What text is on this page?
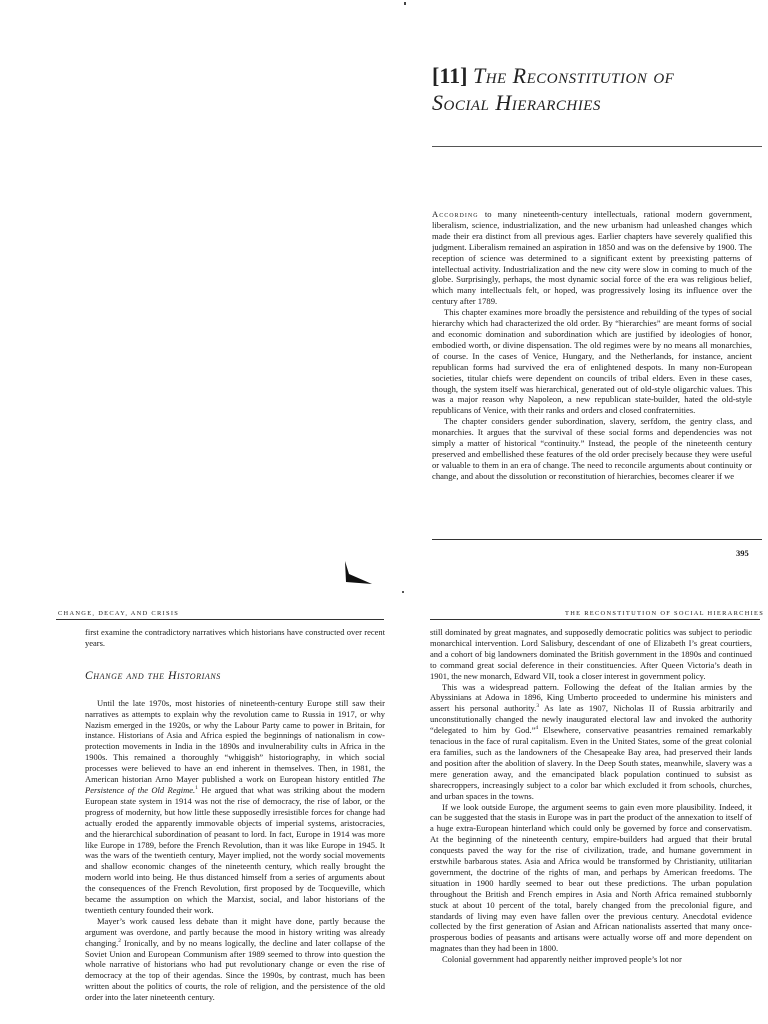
[11] The Reconstitution of
Social Hierarchies

According to many nineteenth-century intellectuals, rational modern government, liberalism, science, industrialization, and the new urbanism had unleashed changes which made their era distinct from all previous ages. Earlier chapters have severely qualified this judgment. Liberalism remained an aspiration in 1850 and was on the defensive by 1900. The reception of science was determined to a significant extent by preexisting patterns of intellectual activity. Industrialization and the new city were slow in coming to much of the globe. Surprisingly, perhaps, the most dynamic social force of the era was religious belief, which many intellectuals felt, or hoped, was progressively losing its influence over the century after 1789.

This chapter examines more broadly the persistence and rebuilding of the types of social hierarchy which had characterized the old order. By “hierarchies” are meant forms of social and economic domination and subordination which are justified by ideologies of honor, embodied worth, or divine dispensation. The old regimes were by no means all monarchies, of course. In the cases of Venice, Hungary, and the Netherlands, for instance, ancient republican forms had survived the era of enlightened despots. In many non-European societies, titular chiefs were dependent on councils of tribal elders. Even in these cases, though, the system itself was hierarchical, generated out of old-style oligarchic values. This was a major reason why Napoleon, a new republican state-builder, hated the old-style republicans of Venice, with their ranks and orders and closed confraternities.

The chapter considers gender subordination, slavery, serfdom, the gentry class, and monarchies. It argues that the survival of these social forms and dependencies was not simply a matter of historical “continuity.” Instead, the people of the nineteenth century preserved and embellished these features of the old order precisely because they were useful or valuable to them in an era of change. The need to reconcile arguments about continuity or change, and about the dissolution or reconstitution of hierarchies, becomes clearer if we

395
CHANGE, DECAY, AND CRISIS

first examine the contradictory narratives which historians have constructed over recent years.

Change and the Historians

Until the late 1970s, most histories of nineteenth-century Europe still saw their narratives as attempts to explain why the revolution came to Russia in 1917, or why Nazism emerged in the 1920s, or why the Labour Party came to power in Britain, for instance. Historians of Asia and Africa espied the beginnings of nationalism in cow-protection movements in India in the 1890s and invulnerability cults in Africa in the 1900s. This remained a thoroughly “whiggish” historiography, in which social processes were believed to have an end inherent in themselves. Then, in 1981, the American historian Arno Mayer published a work on European history entitled The Persistence of the Old Regime.$^1$ He argued that what was striking about the modern European state system in 1914 was not the rise of democracy, the rise of labor, or the progress of modernity, but how little these supposedly irresistible forces for change had actually eroded the apparently immovable objects of imperial systems, aristocracies, and the hierarchical subordination of peasant to lord. In fact, Europe in 1914 was more like Europe in 1789, before the French Revolution, than it was like Europe in 1945. It was the wars of the twentieth century, Mayer implied, not the wordy social movements and shallow economic changes of the nineteenth century, which really brought the modern world into being. He thus distanced himself from a series of arguments about the consequences of the French Revolution, first proposed by de Tocqueville, which became the assumption on which the Marxist, social, and labor historians of the twentieth century founded their work.

Mayer’s work caused less debate than it might have done, partly because the argument was overdone, and partly because the mood in history writing was already changing.$^2$ Ironically, and by no means logically, the decline and later collapse of the Soviet Union and European Communism after 1989 seemed to throw into question the whole narrative of historians who had put revolutionary change or even the rise of democracy at the top of their agendas. Since the 1990s, by contrast, much has been written about the politics of courts, the role of religion, and the persistence of the old order into the later nineteenth century.

THE RECONSTITUTION OF SOCIAL HIERARCHIES

still dominated by great magnates, and supposedly democratic politics was subject to periodic monarchical intervention. Lord Salisbury, descendant of one of Elizabeth I’s great courtiers, and a cohort of big landowners dominated the British government in the 1890s and continued to command great social deference in their constituencies. After Queen Victoria’s death in 1901, the new monarch, Edward VII, took a closer interest in government policy.

This was a widespread pattern. Following the defeat of the Italian armies by the Abyssinians at Adowa in 1896, King Umberto proceeded to undermine his ministers and assert his personal authority.$^3$ As late as 1907, Nicholas II of Russia arbitrarily and unconstitutionally changed the newly inaugurated electoral law and invoked the authority “delegated to him by God.”$^4$ Elsewhere, conservative peasantries remained remarkably tenacious in the face of rural capitalism. Even in the United States, some of the great colonial era families, such as the landowners of the Chesapeake Bay area, had preserved their lands and position after the abolition of slavery. In the Deep South states, meanwhile, slavery was a mere generation away, and the emancipated black population continued to subsist as sharecroppers, increasingly subject to a color bar which excluded it from schools, churches, and urban spaces in the towns.

If we look outside Europe, the argument seems to gain even more plausibility. Indeed, it can be suggested that the stasis in Europe was in part the product of the annexation to itself of a huge extra-European hinterland which could only be governed by force and conservatism. At the beginning of the nineteenth century, empire-builders had argued that their brutal conquests paved the way for the rise of civilization, trade, and humane government in erstwhile barbarous states. Asia and Africa would be transformed by Christianity, utilitarian government, the doctrine of the rights of man, and perhaps by American freedoms. The situation in 1900 hardly seemed to bear out these predictions. The urban population throughout the British and French empires in Asia and North Africa remained stubbornly stuck at about 10 percent of the total, barely changed from the precolonial figure, and standards of living may even have fallen over the previous century. Anecdotal evidence collected by the first generation of Asian and African nationalists asserted that many once-prosperous bodies of peasants and artisans were actually worse off and more dependent on magnates than they had been in 1800.

Colonial government had apparently neither improved people’s lot nor
